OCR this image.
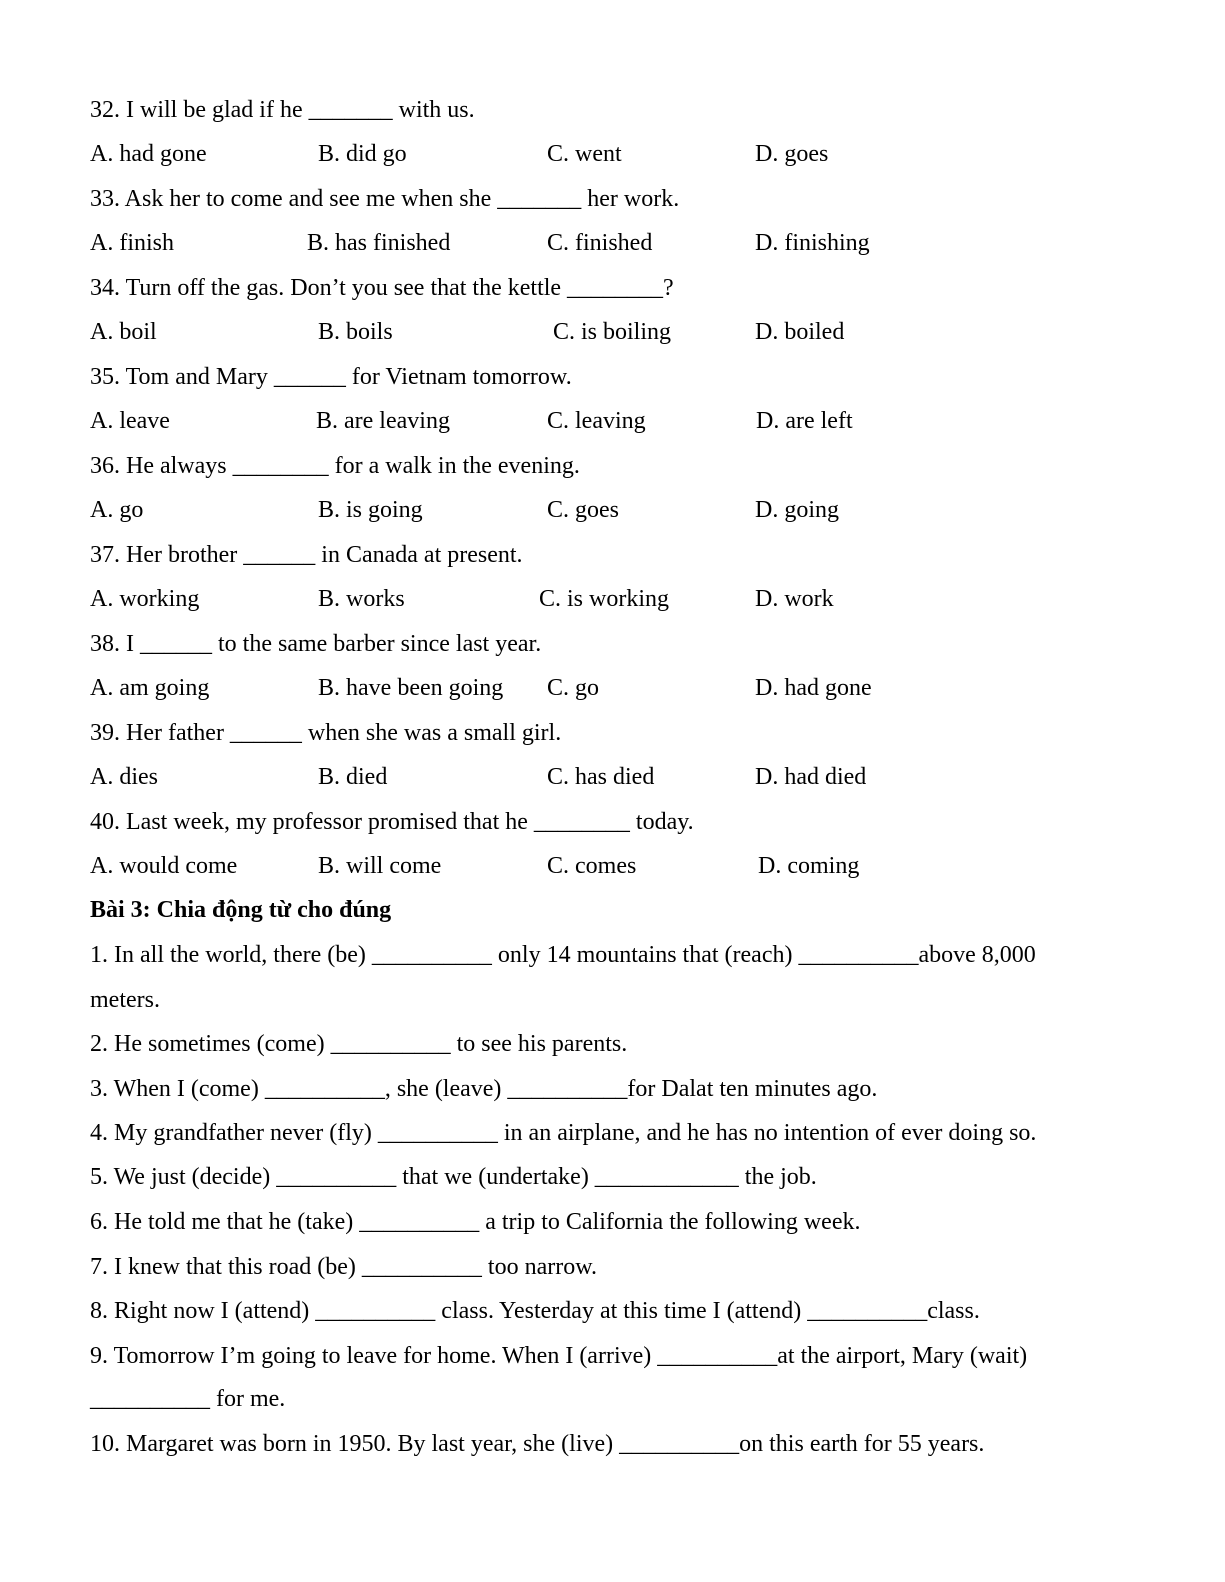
32. I will be glad if he _______ with us.
A. had gone	B. did go	C. went	D. goes
33. Ask her to come and see me when she _______ her work.
A. finish	B. has finished	C. finished	D. finishing
34. Turn off the gas. Don’t you see that the kettle ________?
A. boil	B. boils	C. is boiling	D. boiled
35. Tom and Mary ______ for Vietnam tomorrow.
A. leave	B. are leaving	C. leaving	D. are left
36. He always ________ for a walk in the evening.
A. go	B. is going	C. goes	D. going
37. Her brother ______ in Canada at present.
A. working	B. works	C. is working	D. work
38. I ______ to the same barber since last year.
A. am going	B. have been going C. go	D. had gone
39. Her father ______ when she was a small girl.
A. dies	B. died	C. has died	D. had died
40. Last week, my professor promised that he ________ today.
A. would come	B. will come	C. comes	D. coming
Bài 3: Chia động từ cho đúng
1. In all the world, there (be) __________ only 14 mountains that (reach) __________above 8,000
meters.
2. He sometimes (come) __________ to see his parents.
3. When I (come) __________, she (leave) __________for Dalat ten minutes ago.
4. My grandfather never (fly) __________ in an airplane, and he has no intention of ever doing so.
5. We just (decide) __________ that we (undertake) ____________ the job.
6. He told me that he (take) __________ a trip to California the following week.
7. I knew that this road (be) __________ too narrow.
8. Right now I (attend) __________ class. Yesterday at this time I (attend) __________class.
9. Tomorrow I’m going to leave for home. When I (arrive) __________at the airport, Mary (wait)
__________ for me.
10. Margaret was born in 1950. By last year, she (live) __________on this earth for 55 years.
